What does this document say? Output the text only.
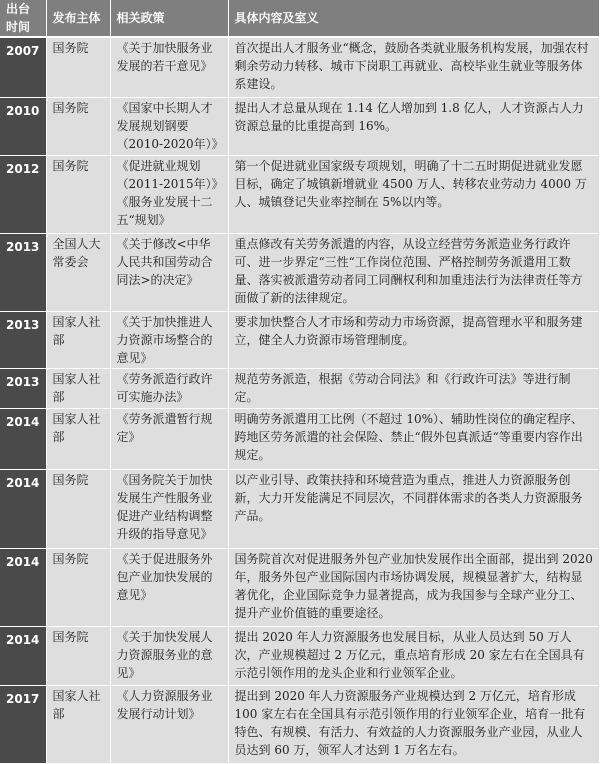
出台时间	发布主体	相关政策	具体内容及室义
2007	国务院	《关于加快服务业发展的若干意见》	首次提出人才服务业“概念，鼓励各类就业服务机构发展，加强农村剩余劳动力转移、城市下岗职工再就业、高校毕业生就业等服务体系建设。
2010	国务院	《国家中长期人才发展规划钢要（2010-2020年）》	提出人才总量从现在 1.14 亿人增加到 1.8 亿人，人才资源占人力资源总量的比重提高到 16%。
2012	国务院	《促进就业规划（2011-2015年）》《服务业发展十二五“规划》	第一个促进就业国家级专项规划，明确了十二五时期促进就业发愿目标，确定了城镇新增就业 4500 万人、转移农业劳动力 4000 万人、城镇登记失业率控制在 5%以内等。
2013	全国人大常委会	《关于修改<中华人民共和国劳动合同法>的决定》	重点修改有关劳务派遣的内容，从设立经营劳务派造业务行政许可、进一步界定“三性“工作岗位范围、严格控制劳务派遣用工数量、落实被派遣劳动者同工同酬权利和加重违法行为法律责任等方面做了新的法律规定。
2013	国家人社部	《关于加快推进人力资源市场整合的意见》	要求加快整合人才市场和劳动力市场资源，提高管理水平和服务建立，健全人力资源市场管理制度。
2013	国家人社部	《劳务派造行政许可实施办法》	规范劳务派造，根据《劳动合同法》和《行政许可法》等进行制定。
2014	国家人社部	《劳务派遣暂行规定》	明确劳务派遣用工比例（不超过 10%）、辅助性岗位的确定程序、跨地区劳务派遣的社会保险、禁止“假外包真派适“等重要内容作出规定。
2014	国务院	《国务院关于加快发展生产性服务业促进产业结构调整升级的指导意见》	以产业引导、政策扶持和环境营造为重点，推进人力资源服务创新，大力开发能满足不同层次，不同群体需求的各类人力资源服务产品。
2014	国务院	《关于促进服务外包产业加快发展的意见》	国务院首次对促进服务外包产业加快发展作出全面部，提出到 2020 年，服务外包产业国际国内市场协调发展，规模显著扩大，结构显著优化，企业国际竞争力显著提高，成为我国参与全球产业分工、提升产业价值链的重要途径。
2014	国务院	《关于加快发展人力资源服务业的意见》	提出 2020 年人力资源服务也发展目标，从业人员达到 50 万人次，产业规模超过 2 万亿元，重点培育形成 20 家左右在全国具有示范引领作用的龙头企业和行业领军企业。
2017	国家人社部	《人力资源服务业发展行动计划》	提出到 2020 年人力资源服务产业规模达到 2 万亿元，培育形成 100 家左右在全国具有示范引领作用的行业领军企业，培育一批有特色、有规模、有活力、有效益的人力资源服务业产业园，从业人员达到 60 万，领军人才达到 1 万名左右。
